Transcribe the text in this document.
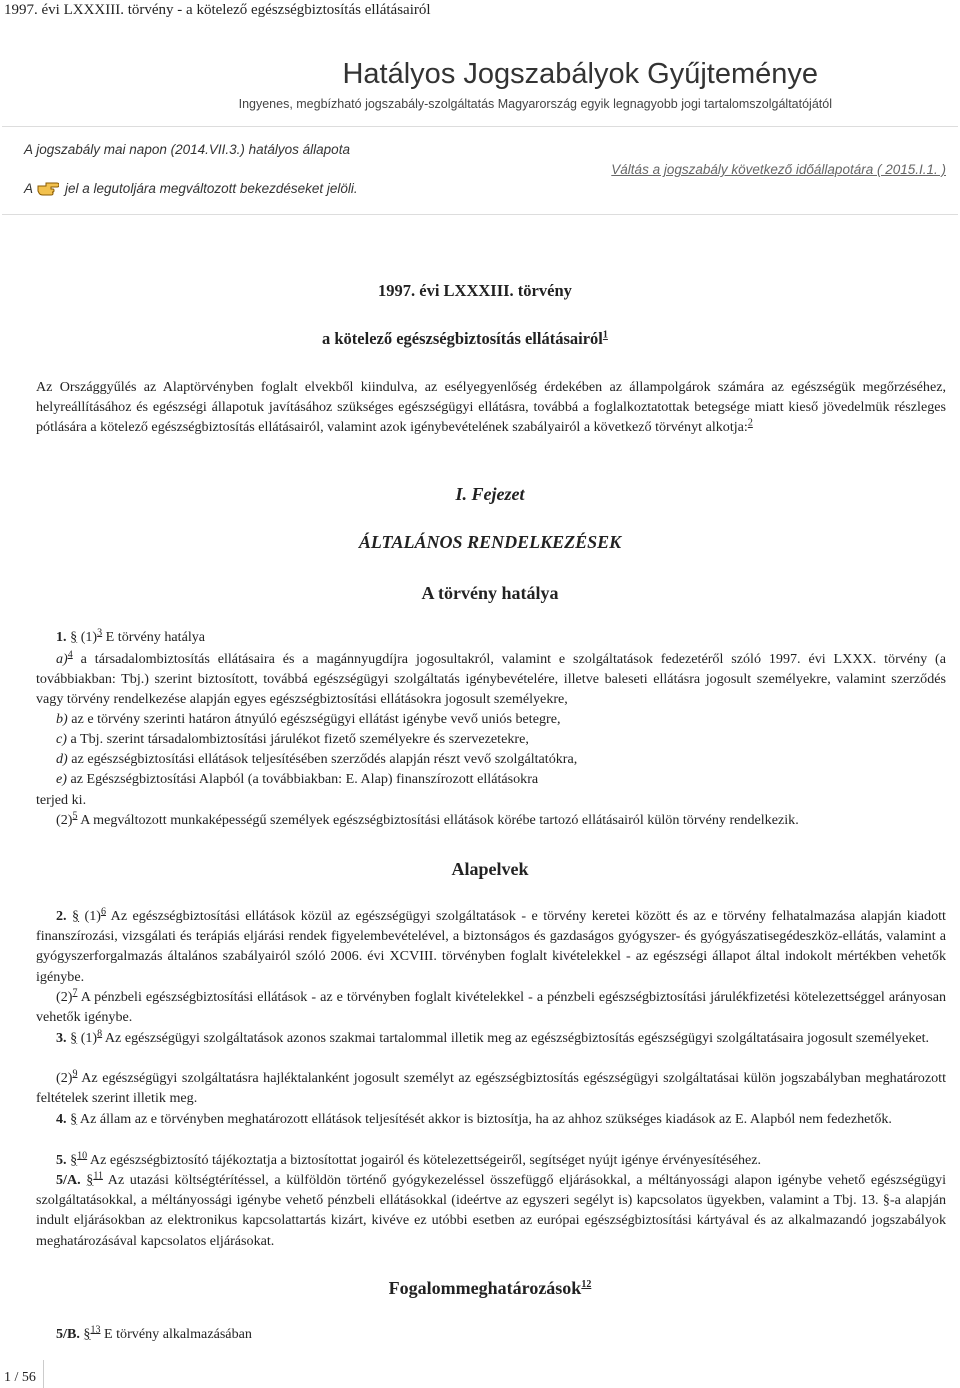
1997. évi LXXXIII. törvény - a kötelező egészségbiztosítás ellátásairól
Hatályos Jogszabályok Gyűjteménye
Ingyenes, megbízható jogszabály-szolgáltatás Magyarország egyik legnagyobb jogi tartalomszolgáltatójától
A jogszabály mai napon (2014.VII.3.) hatályos állapota
A jel a legutoljára megváltozott bekezdéseket jelöli.
Váltás a jogszabály következő időállapotára ( 2015.I.1. )
1997. évi LXXXIII. törvény
a kötelező egészségbiztosítás ellátásairól$^1$
Az Országgyűlés az Alaptörvényben foglalt elvekből kiindulva, az esélyegyenlőség érdekében az állampolgárok számára az egészségük megőrzéséhez, helyreállításához és egészségi állapotuk javításához szükséges egészségügyi ellátásra, továbbá a foglalkoztatottak betegsége miatt kieső jövedelmük részleges pótlására a kötelező egészségbiztosítás ellátásairól, valamint azok igénybevételének szabályairól a következő törvényt alkotja:$^2$
I. Fejezet
ÁLTALÁNOS RENDELKEZÉSEK
A törvény hatálya
1. § (1)$^3$ E törvény hatálya
a)$^4$ a társadalombiztosítás ellátásaira és a magánnyugdíjra jogosultakról, valamint e szolgáltatások fedezetéről szóló 1997. évi LXXX. törvény (a továbbiakban: Tbj.) szerint biztosított, továbbá egészségügyi szolgáltatás igénybevételére, illetve baleseti ellátásra jogosult személyekre, valamint szerződés vagy törvény rendelkezése alapján egyes egészségbiztosítási ellátásokra jogosult személyekre,
b) az e törvény szerinti határon átnyúló egészségügyi ellátást igénybe vevő uniós betegre,
c) a Tbj. szerint társadalombiztosítási járulékot fizető személyekre és szervezetekre,
d) az egészségbiztosítási ellátások teljesítésében szerződés alapján részt vevő szolgáltatókra,
e) az Egészségbiztosítási Alapból (a továbbiakban: E. Alap) finanszírozott ellátásokra
terjed ki.
(2)$^5$ A megváltozott munkaképességű személyek egészségbiztosítási ellátások körébe tartozó ellátásairól külön törvény rendelkezik.
Alapelvek
2. § (1)$^6$ Az egészségbiztosítási ellátások közül az egészségügyi szolgáltatások - e törvény keretei között és az e törvény felhatalmazása alapján kiadott finanszírozási, vizsgálati és terápiás eljárási rendek figyelembevételével, a biztonságos és gazdaságos gyógyszer- és gyógyászatisegédeszköz-ellátás, valamint a gyógyszerforgalmazás általános szabályairól szóló 2006. évi XCVIII. törvényben foglalt kivételekkel - az egészségi állapot által indokolt mértékben vehetők igénybe.
(2)$^7$ A pénzbeli egészségbiztosítási ellátások - az e törvényben foglalt kivételekkel - a pénzbeli egészségbiztosítási járulékfizetési kötelezettséggel arányosan vehetők igénybe.
3. § (1)$^8$ Az egészségügyi szolgáltatások azonos szakmai tartalommal illetik meg az egészségbiztosítás egészségügyi szolgáltatásaira jogosult személyeket.
(2)$^9$ Az egészségügyi szolgáltatásra hajléktalanként jogosult személyt az egészségbiztosítás egészségügyi szolgáltatásai külön jogszabályban meghatározott feltételek szerint illetik meg.
4. § Az állam az e törvényben meghatározott ellátások teljesítését akkor is biztosítja, ha az ahhoz szükséges kiadások az E. Alapból nem fedezhetők.
5. §$^{10}$ Az egészségbiztosító tájékoztatja a biztosítottat jogairól és kötelezettségeiről, segítséget nyújt igénye érvényesítéséhez.
5/A. §$^{11}$ Az utazási költségtérítéssel, a külföldön történő gyógykezeléssel összefüggő eljárásokkal, a méltányossági alapon igénybe vehető egészségügyi szolgáltatásokkal, a méltányossági igénybe vehető pénzbeli ellátásokkal (ideértve az egyszeri segélyt is) kapcsolatos ügyekben, valamint a Tbj. 13. §-a alapján indult eljárásokban az elektronikus kapcsolattartás kizárt, kivéve ez utóbbi esetben az európai egészségbiztosítási kártyával és az alkalmazandó jogszabályok meghatározásával kapcsolatos eljárásokat.
Fogalommeghatározások$^{12}$
5/B. §$^{13}$ E törvény alkalmazásában
1 / 56
